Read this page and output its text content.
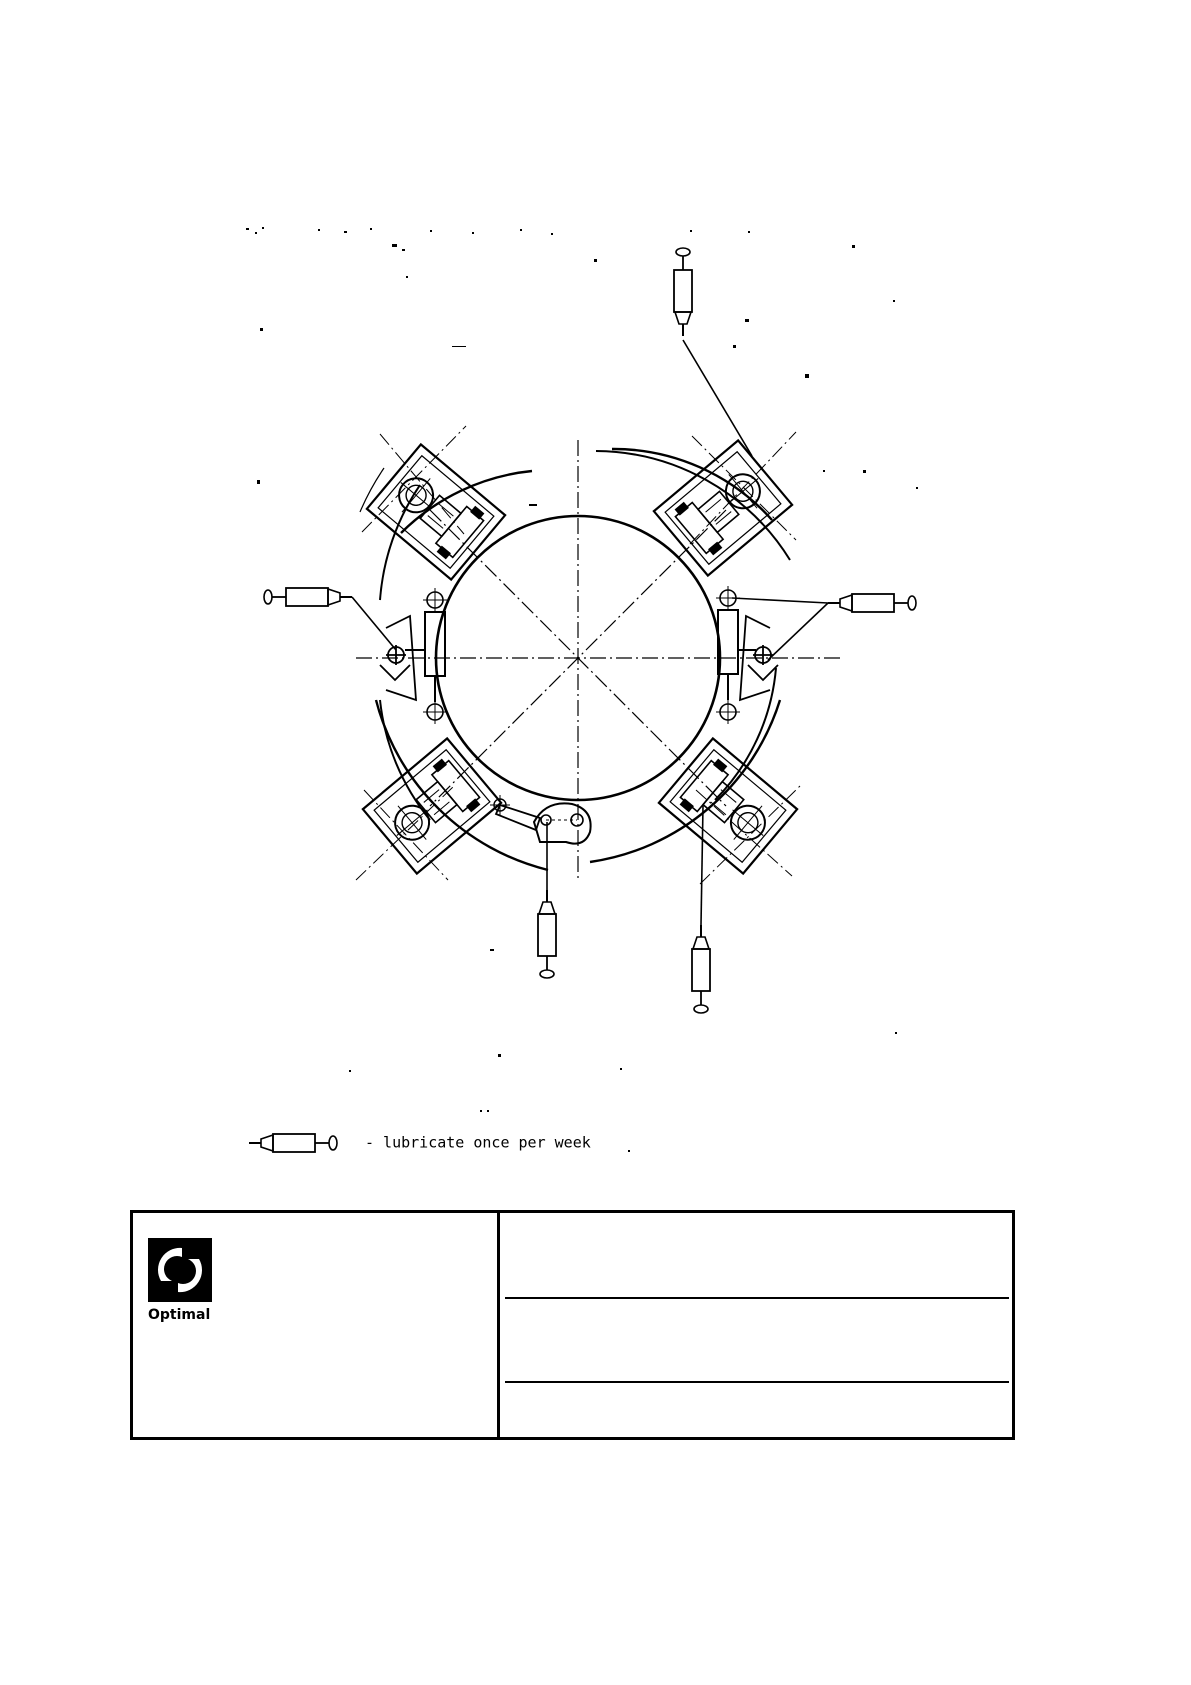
- lubricate once per week
Optimal
